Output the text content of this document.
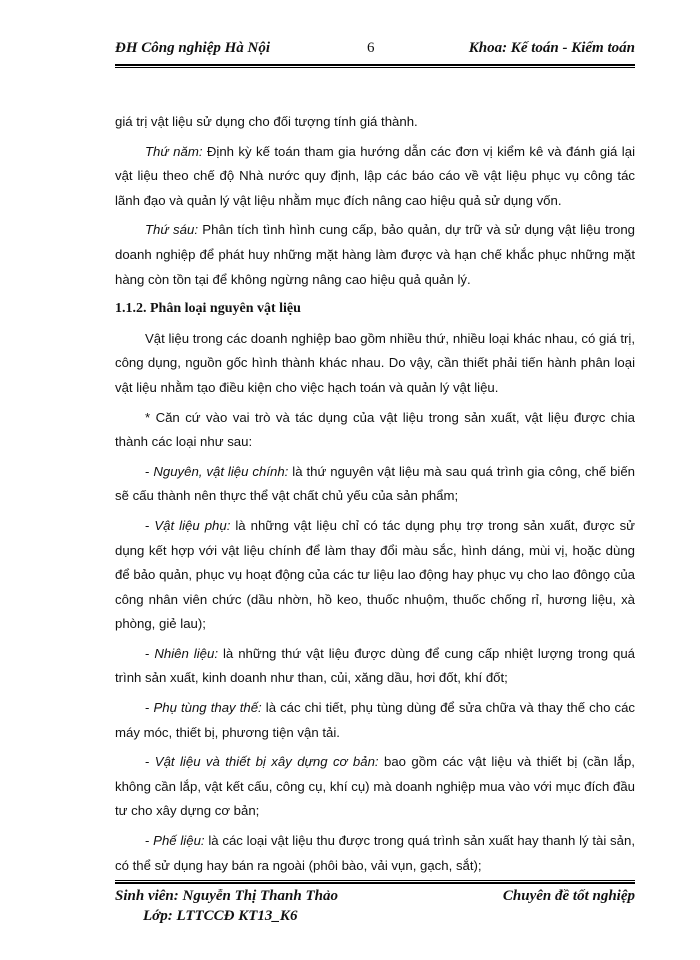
ĐH Công nghiệp Hà Nội	6	Khoa: Kế toán - Kiểm toán

giá trị vật liệu sử dụng cho đối tượng tính giá thành.

Thứ năm: Định kỳ kế toán tham gia hướng dẫn các đơn vị kiểm kê và đánh giá lại vật liệu theo chế độ Nhà nước quy định, lập các báo cáo về vật liệu phục vụ công tác lãnh đạo và quản lý vật liệu nhằm mục đích nâng cao hiệu quả sử dụng vốn.

Thứ sáu: Phân tích tình hình cung cấp, bảo quản, dự trữ và sử dụng vật liệu trong doanh nghiệp để phát huy những mặt hàng làm được và hạn chế khắc phục những mặt hàng còn tồn tại để không ngừng nâng cao hiệu quả quản lý.

1.1.2. Phân loại nguyên vật liệu

Vật liệu trong các doanh nghiệp bao gồm nhiều thứ, nhiều loại khác nhau, có giá trị, công dụng, nguồn gốc hình thành khác nhau. Do vậy, cần thiết phải tiến hành phân loại vật liệu nhằm tạo điều kiện cho việc hạch toán và quản lý vật liệu.

* Căn cứ vào vai trò và tác dụng của vật liệu trong sản xuất, vật liệu được chia thành các loại như sau:

- Nguyên, vật liệu chính: là thứ nguyên vật liệu mà sau quá trình gia công, chế biến sẽ cấu thành nên thực thể vật chất chủ yếu của sản phẩm;

- Vật liệu phụ: là những vật liệu chỉ có tác dụng phụ trợ trong sản xuất, được sử dụng kết hợp với vật liệu chính để làm thay đổi màu sắc, hình dáng, mùi vị, hoặc dùng để bảo quản, phục vụ hoạt động của các tư liệu lao động hay phục vụ cho lao đôngọ của công nhân viên chức (dầu nhờn, hồ keo, thuốc nhuộm, thuốc chống rỉ, hương liệu, xà phòng, giẻ lau);

- Nhiên liệu: là những thứ vật liệu được dùng để cung cấp nhiệt lượng trong quá trình sản xuất, kinh doanh như than, củi, xăng dầu, hơi đốt, khí đốt;

- Phụ tùng thay thế: là các chi tiết, phụ tùng dùng để sửa chữa và thay thế cho các máy móc, thiết bị, phương tiện vận tải.

- Vật liệu và thiết bị xây dựng cơ bản: bao gồm các vật liệu và thiết bị (cần lắp, không cần lắp, vật kết cấu, công cụ, khí cụ) mà doanh nghiệp mua vào với mục đích đầu tư cho xây dựng cơ bản;

- Phế liệu: là các loại vật liệu thu được trong quá trình sản xuất hay thanh lý tài sản, có thể sử dụng hay bán ra ngoài (phôi bào, vải vụn, gạch, sắt);

Sinh viên: Nguyễn Thị Thanh Thảo
Lớp: LTTCCĐ KT13_K6
Chuyên đề tốt nghiệp
